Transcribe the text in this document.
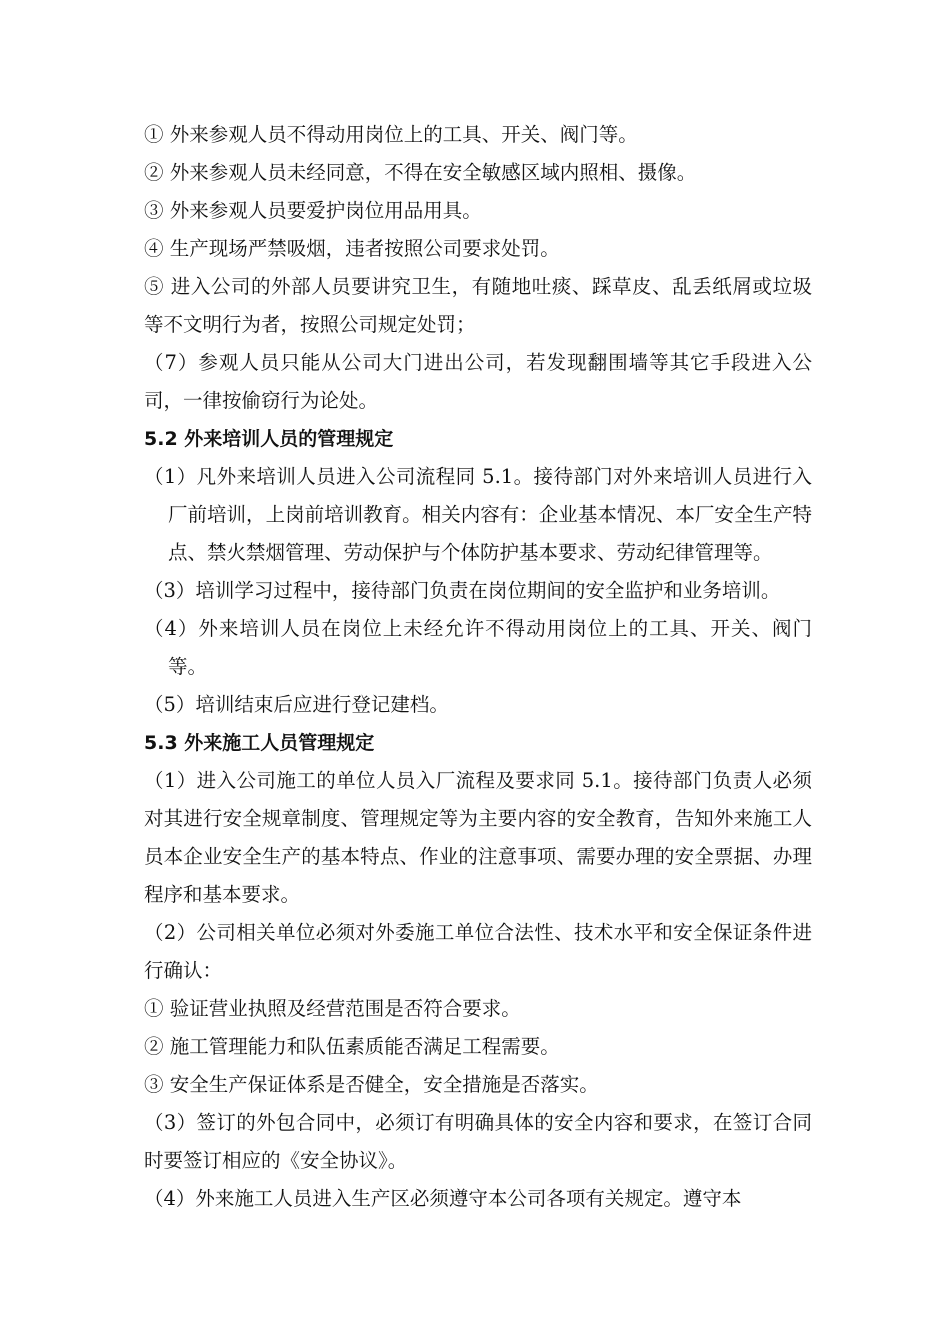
① 外来参观人员不得动用岗位上的工具、开关、阀门等。

② 外来参观人员未经同意，不得在安全敏感区域内照相、摄像。

③ 外来参观人员要爱护岗位用品用具。

④ 生产现场严禁吸烟，违者按照公司要求处罚。

⑤ 进入公司的外部人员要讲究卫生，有随地吐痰、踩草皮、乱丢纸屑或垃圾等不文明行为者，按照公司规定处罚；

（7）参观人员只能从公司大门进出公司，若发现翻围墙等其它手段进入公司，一律按偷窃行为论处。

5.2 外来培训人员的管理规定

（1）凡外来培训人员进入公司流程同 5.1。接待部门对外来培训人员进行入厂前培训，上岗前培训教育。相关内容有：企业基本情况、本厂安全生产特点、禁火禁烟管理、劳动保护与个体防护基本要求、劳动纪律管理等。

（3）培训学习过程中，接待部门负责在岗位期间的安全监护和业务培训。

（4）外来培训人员在岗位上未经允许不得动用岗位上的工具、开关、阀门等。

（5）培训结束后应进行登记建档。

5.3 外来施工人员管理规定

（1）进入公司施工的单位人员入厂流程及要求同 5.1。接待部门负责人必须对其进行安全规章制度、管理规定等为主要内容的安全教育，告知外来施工人员本企业安全生产的基本特点、作业的注意事项、需要办理的安全票据、办理程序和基本要求。

（2）公司相关单位必须对外委施工单位合法性、技术水平和安全保证条件进行确认：

① 验证营业执照及经营范围是否符合要求。

② 施工管理能力和队伍素质能否满足工程需要。

③ 安全生产保证体系是否健全，安全措施是否落实。

（3）签订的外包合同中，必须订有明确具体的安全内容和要求，在签订合同时要签订相应的《安全协议》。

（4）外来施工人员进入生产区必须遵守本公司各项有关规定。遵守本
